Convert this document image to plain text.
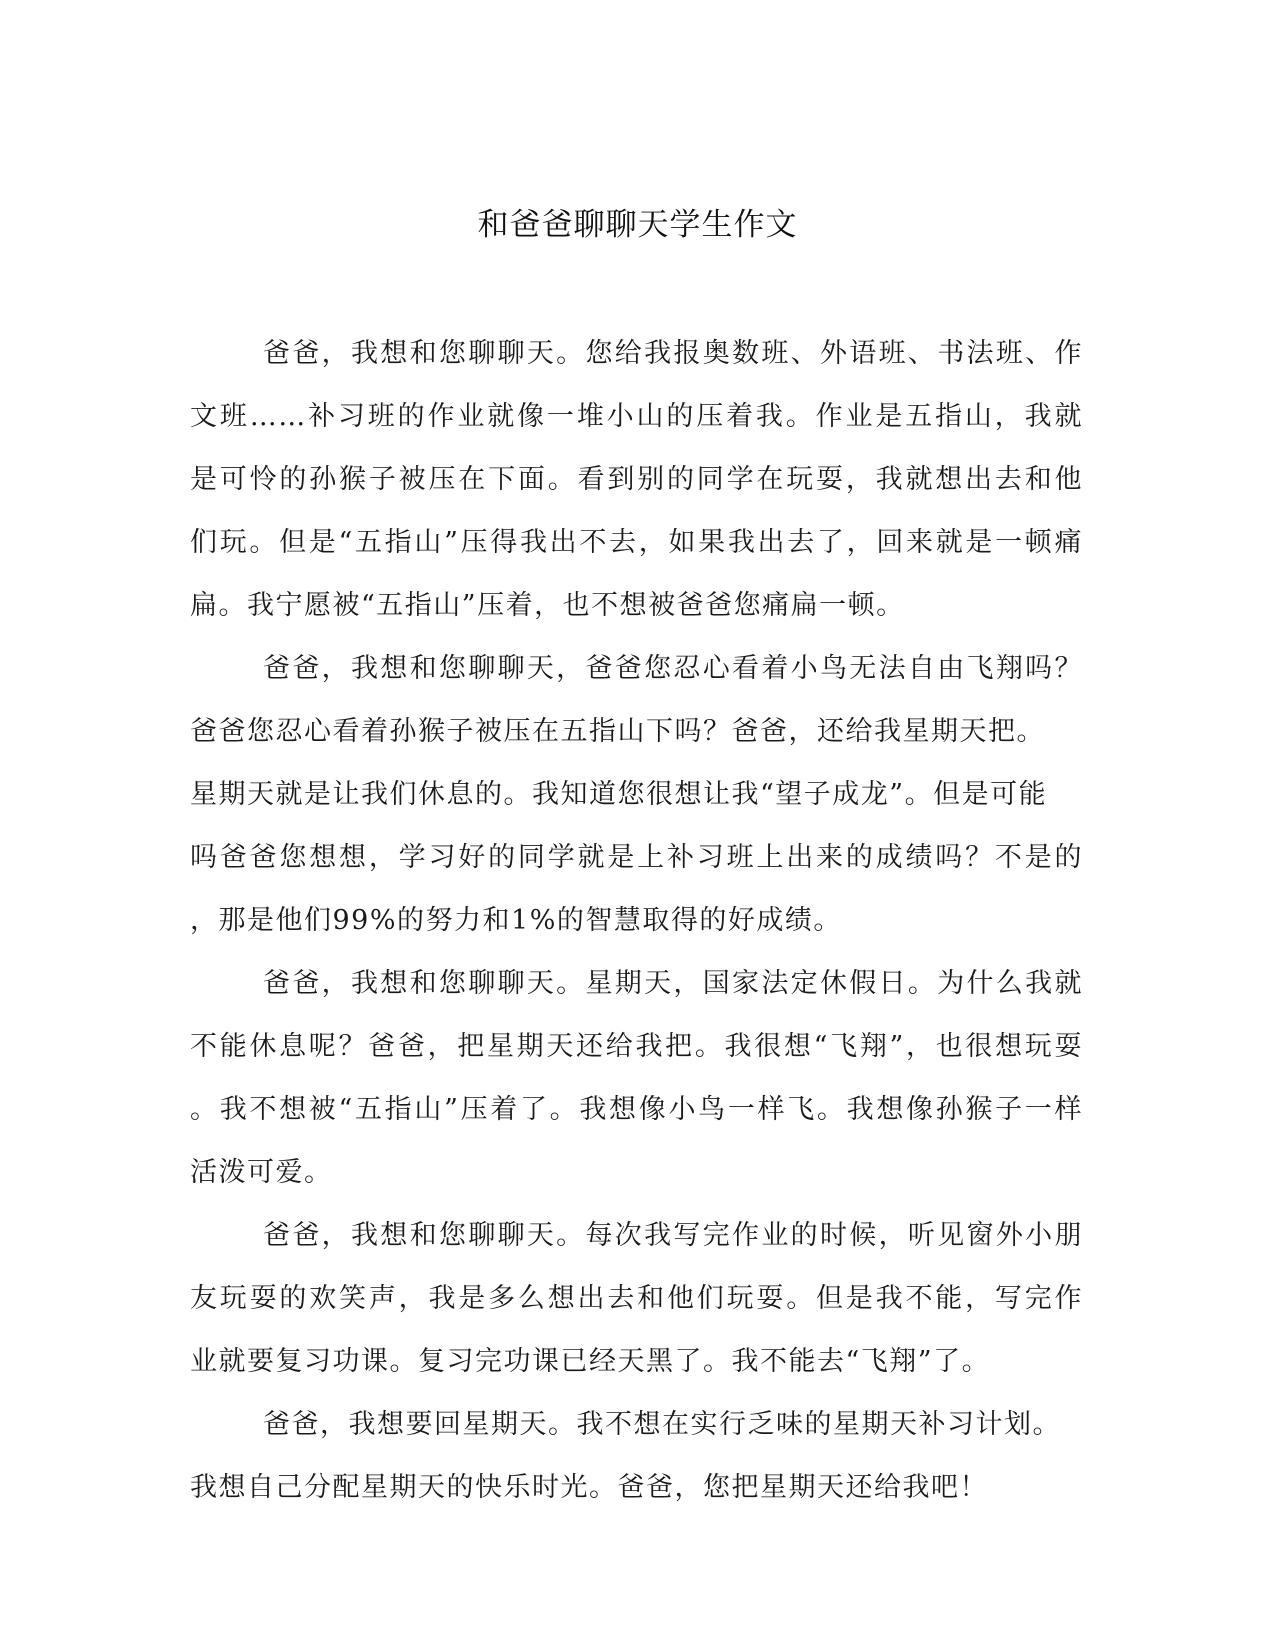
和爸爸聊聊天学生作文
爸爸，我想和您聊聊天。您给我报奥数班、外语班、书法班、作
文班……补习班的作业就像一堆小山的压着我。作业是五指山，我就
是可怜的孙猴子被压在下面。看到别的同学在玩耍，我就想出去和他
们玩。但是“五指山”压得我出不去，如果我出去了，回来就是一顿痛
扁。我宁愿被“五指山”压着，也不想被爸爸您痛扁一顿。
爸爸，我想和您聊聊天，爸爸您忍心看着小鸟无法自由飞翔吗？
爸爸您忍心看着孙猴子被压在五指山下吗？爸爸，还给我星期天把。
星期天就是让我们休息的。我知道您很想让我“望子成龙”。但是可能
吗爸爸您想想，学习好的同学就是上补习班上出来的成绩吗？不是的
，那是他们99%的努力和1%的智慧取得的好成绩。
爸爸，我想和您聊聊天。星期天，国家法定休假日。为什么我就
不能休息呢？爸爸，把星期天还给我把。我很想“飞翔”，也很想玩耍
。我不想被“五指山”压着了。我想像小鸟一样飞。我想像孙猴子一样
活泼可爱。
爸爸，我想和您聊聊天。每次我写完作业的时候，听见窗外小朋
友玩耍的欢笑声，我是多么想出去和他们玩耍。但是我不能，写完作
业就要复习功课。复习完功课已经天黑了。我不能去“飞翔”了。
爸爸，我想要回星期天。我不想在实行乏味的星期天补习计划。
我想自己分配星期天的快乐时光。爸爸，您把星期天还给我吧！
